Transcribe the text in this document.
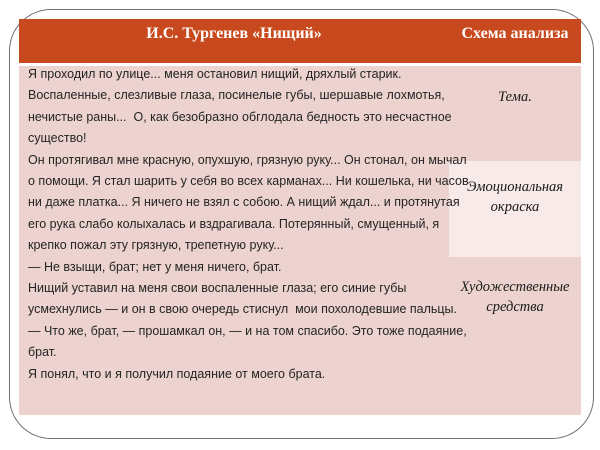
И.С. Тургенев «Нищий»	Схема анализа
Я проходил по улице... меня остановил нищий, дряхлый старик.
Воспаленные, слезливые глаза, посинелые губы, шершавые лохмотья,
нечистые раны...  О, как безобразно обглодала бедность это несчастное
существо!
Он протягивал мне красную, опухшую, грязную руку... Он стонал, он мычал
о помощи. Я стал шарить у себя во всех карманах... Ни кошелька, ни часов,
ни даже платка... Я ничего не взял с собою. А нищий ждал... и протянутая
его рука слабо колыхалась и вздрагивала. Потерянный, смущенный, я
крепко пожал эту грязную, трепетную руку...
— Не взыщи, брат; нет у меня ничего, брат.
Нищий уставил на меня свои воспаленные глаза; его синие губы
усмехнулись — и он в свою очередь стиснул  мои похолодевшие пальцы.
— Что же, брат, — прошамкал он, — и на том спасибо. Это тоже подаяние,
брат.
Я понял, что и я получил подаяние от моего брата.
Тема.
Эмоциональная окраска
Художественные средства
